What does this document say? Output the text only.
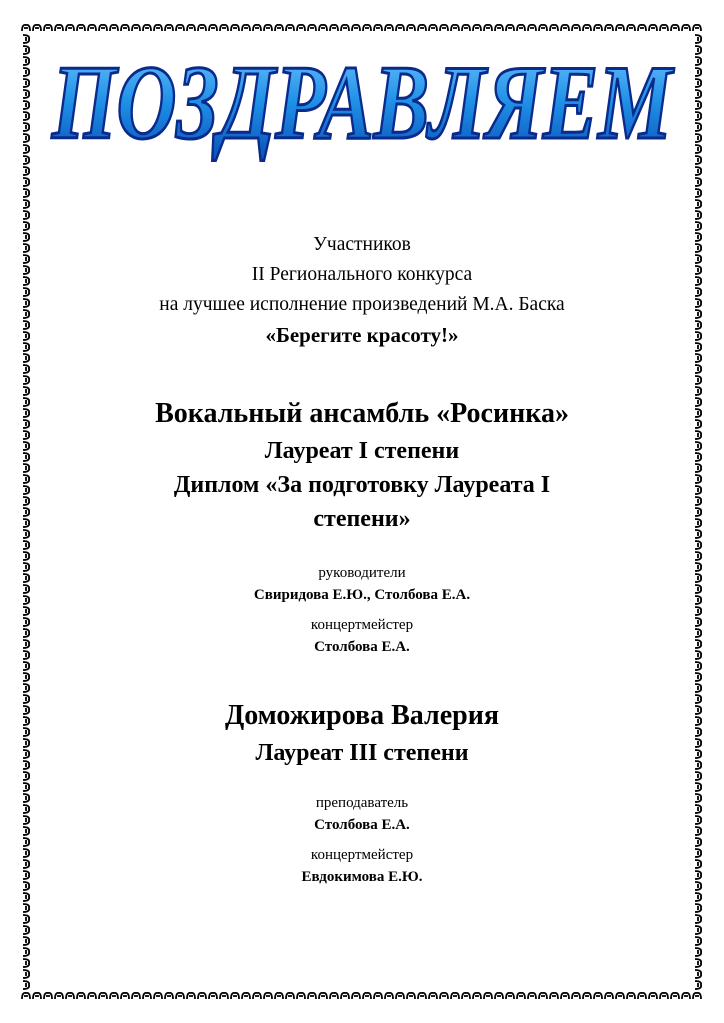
ПОЗДРАВЛЯЕМ
Участников
II Регионального конкурса
на лучшее исполнение произведений М.А. Баска
«Берегите красоту!»
Вокальный ансамбль «Росинка»
Лауреат I степени
Диплом «За подготовку Лауреата I
степени»
руководители
Свиридова Е.Ю., Столбова Е.А.
концертмейстер
Столбова Е.А.
Доможирова Валерия
Лауреат III степени
преподаватель
Столбова Е.А.
концертмейстер
Евдокимова Е.Ю.
